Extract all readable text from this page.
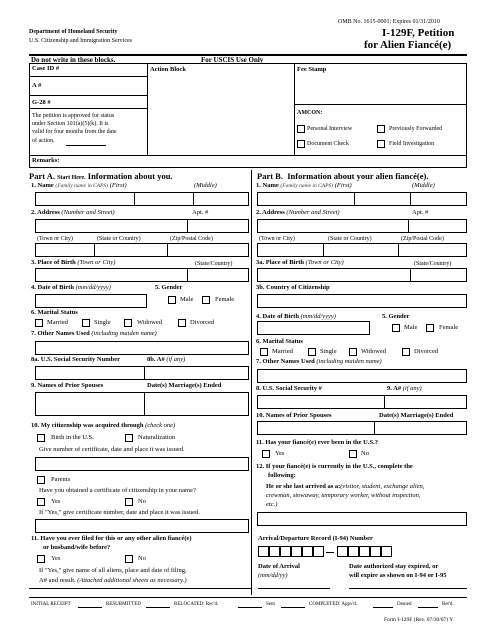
Department of Homeland Security
U.S. Citizenship and Immigration Services
OMB No. 1615-0001; Expires 01/31/2010
I-129F, Petition
for Alien Fiancé(e)
Do not write in these blocks.	For USCIS Use Only
Case ID #	Action Block	Fee Stamp
A #
G-28 #
The petition is approved for status
under Section 101(a)(5)(k). It is
valid for four months from the date
of action.
AMCON:
Personal Interview	Previously Forwarded
Document Check	Field Investigation
Remarks:
Part A. Start Here. Information about you.	Part B. Information about your alien fiancé(e).
1. Name (Family name in CAPS) (First)	(Middle)
2. Address (Number and Street)	Apt. #
(Town or City)	(State or Country)	(Zip/Postal Code)
3. Place of Birth (Town or City)	(State/Country)
4. Date of Birth (mm/dd/yyyy)	5. Gender
Male	Female
6. Marital Status
Married	Single	Widowed	Divorced
7. Other Names Used (including maiden name)
8a. U.S. Social Security Number	8b. A# (if any)
9. Names of Prior Spouses	Date(s) Marriage(s) Ended
10. My citizenship was acquired through (check one)
Birth in the U.S.	Naturalization
Give number of certificate, date and place it was issued.
Parents
Have you obtained a certificate of citizenship in your name?
Yes	No
If "Yes," give certificate number, date and place it was issued.
11. Have you ever filed for this or any other alien fiancé(e)
or husband/wife before?
Yes	No
If "Yes," give name of all aliens, place and date of filing,
A# and result. (Attached additional sheets as necessary.)
1. Name (Family name in CAPS) (First)	(Middle)
2. Address (Number and Street)	Apt. #
(Town or City)	(State or Country)	(Zip/Postal Code)
3a. Place of Birth (Town or City)	(State/Country)
3b. Country of Citizenship
4. Date of Birth (mm/dd/yyyy)	5. Gender
Male	Female
6. Marital Status
Married	Single	Widowed	Divorced
7. Other Names Used (including maiden name)
8. U.S. Social Security #	9. A# (if any)
10. Names of Prior Spouses	Date(s) Marriage(s) Ended
11. Has your fiancé(e) ever been in the U.S.?
Yes	No
12. If your fiancé(e) is currently in the U.S., complete the
following:
He or she last arrived as a:(visitor, student, exchange alien,
crewman, stowaway, temporary worker, without inspection,
etc.)
Arrival/Departure Record (I-94) Number
Date of Arrival
(mm/dd/yy)
Date authorized stay expired, or
will expire as shown on I-94 or I-95
INITIAL RECEIPT	RESUBMITTED	RELOCATED: Rec'd.	Sent	COMPLETED: Appv'd.	Denied	Ret'd.
Form I-129F (Rev. 07/30/07) Y
